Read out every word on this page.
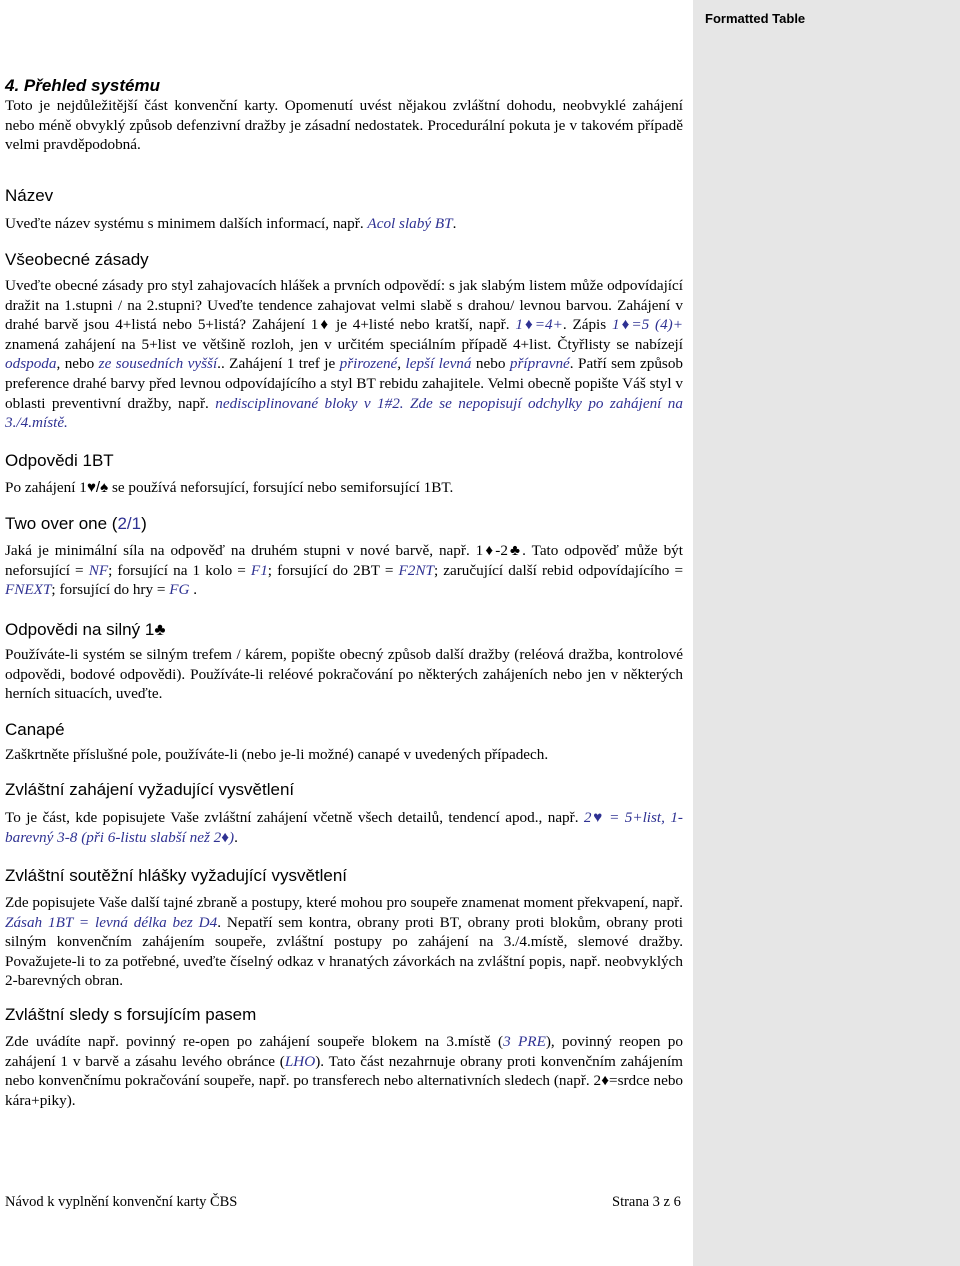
Formatted Table
4. Přehled systému
Toto je nejdůležitější část konvenční karty. Opomenutí uvést nějakou zvláštní dohodu, neobvyklé zahájení nebo méně obvyklý způsob defenzivní dražby je zásadní nedostatek. Procedurální pokuta je v takovém případě velmi pravděpodobná.
Název
Uveďte název systému s minimem dalších informací, např. Acol slabý BT.
Všeobecné zásady
Uveďte obecné zásady pro styl zahajovacích hlášek a prvních odpovědí: s jak slabým listem může odpovídající dražit na 1.stupni / na 2.stupni? Uveďte tendence zahajovat velmi slabě s drahou/ levnou barvou. Zahájení v drahé barvě jsou 4+listá nebo 5+listá? Zahájení 1♦ je 4+listé nebo kratší, např. 1♦=4+. Zápis 1♦=5 (4)+ znamená zahájení na 5+list ve většině rozloh, jen v určitém speciálním případě 4+list. Čtyřlisty se nabízejí odspoda, nebo ze sousedních vyšší.. Zahájení 1 tref je přirozené, lepší levná nebo přípravné. Patří sem způsob preference drahé barvy před levnou odpovídajícího a styl BT rebidu zahajitele. Velmi obecně popište Váš styl v oblasti preventivní dražby, např. nedisciplinované bloky v 1#2. Zde se nepopisují odchylky po zahájení na 3./4.místě.
Odpovědi 1BT
Po zahájení 1♥/♠ se používá neforsující, forsující nebo semiforsující 1BT.
Two over one (2/1)
Jaká je minimální síla na odpověď na druhém stupni v nové barvě, např. 1♦-2♣. Tato odpověď může být neforsující = NF; forsující na 1 kolo = F1; forsující do 2BT = F2NT; zaručující další rebid odpovídajícího = FNEXT; forsující do hry = FG .
Odpovědi na silný 1♣
Používáte-li systém se silným trefem / kárem, popište obecný způsob další dražby (reléová dražba, kontrolové odpovědi, bodové odpovědi). Používáte-li reléové pokračování po některých zahájeních nebo jen v některých herních situacích, uveďte.
Canapé
Zaškrtněte příslušné pole, používáte-li (nebo je-li možné) canapé v uvedených případech.
Zvláštní zahájení vyžadující vysvětlení
To je část, kde popisujete Vaše zvláštní zahájení včetně všech detailů, tendencí apod., např. 2♥ = 5+list, 1-barevný 3-8 (při 6-listu slabší než 2♦).
Zvláštní soutěžní hlášky vyžadující vysvětlení
Zde popisujete Vaše další tajné zbraně a postupy, které mohou pro soupeře znamenat moment překvapení, např. Zásah 1BT = levná délka bez D4. Nepatří sem kontra, obrany proti BT, obrany proti blokům, obrany proti silným konvenčním zahájením soupeře, zvláštní postupy po zahájení na 3./4.místě, slemové dražby. Považujete-li to za potřebné, uveďte číselný odkaz v hranatých závorkách na zvláštní popis, např. neobvyklých 2-barevných obran.
Zvláštní sledy s forsujícím pasem
Zde uvádíte např. povinný re-open po zahájení soupeře blokem na 3.místě (3 PRE), povinný reopen po zahájení 1 v barvě a zásahu levého obránce (LHO). Tato část nezahrnuje obrany proti konvenčním zahájením nebo konvenčnímu pokračování soupeře, např. po transferech nebo alternativních sledech (např. 2♦=srdce nebo kára+piky).
Návod k vyplnění konvenční karty ČBS	Strana 3 z 6
